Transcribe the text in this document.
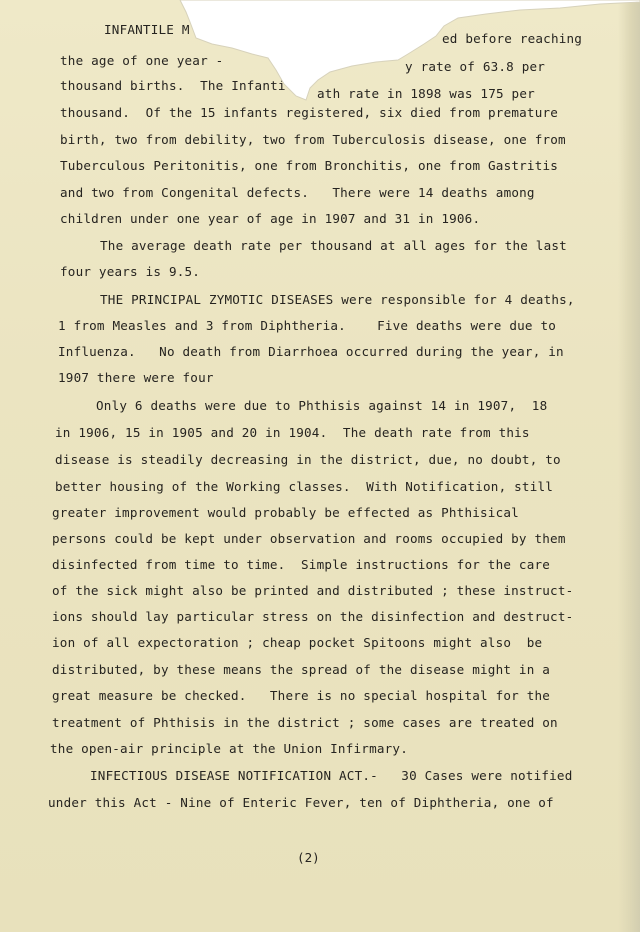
INFANTILE M
ed before reaching
the age of one year -	y rate of 63.8 per
thousand births.  The Infanti
ath rate in 1898 was 175 per
thousand.  Of the 15 infants registered, six died from premature
birth, two from debility, two from Tuberculosis disease, one from
Tuberculous Peritonitis, one from Bronchitis, one from Gastritis
and two from Congenital defects.   There were 14 deaths among
children under one year of age in 1907 and 31 in 1906.
The average death rate per thousand at all ages for the last
four years is 9.5.
THE PRINCIPAL ZYMOTIC DISEASES were responsible for 4 deaths,
1 from Measles and 3 from Diphtheria.    Five deaths were due to
Influenza.   No death from Diarrhoea occurred during the year, in
1907 there were four
Only 6 deaths were due to Phthisis against 14 in 1907,  18
in 1906, 15 in 1905 and 20 in 1904.  The death rate from this
disease is steadily decreasing in the district, due, no doubt, to
better housing of the Working classes.  With Notification, still
greater improvement would probably be effected as Phthisical
persons could be kept under observation and rooms occupied by them
disinfected from time to time.  Simple instructions for the care
of the sick might also be printed and distributed ; these instruct-
ions should lay particular stress on the disinfection and destruct-
ion of all expectoration ; cheap pocket Spitoons might also  be
distributed, by these means the spread of the disease might in a
great measure be checked.   There is no special hospital for the
treatment of Phthisis in the district ; some cases are treated on
the open-air principle at the Union Infirmary.
INFECTIOUS DISEASE NOTIFICATION ACT.-   30 Cases were notified
under this Act - Nine of Enteric Fever, ten of Diphtheria, one of
(2)
